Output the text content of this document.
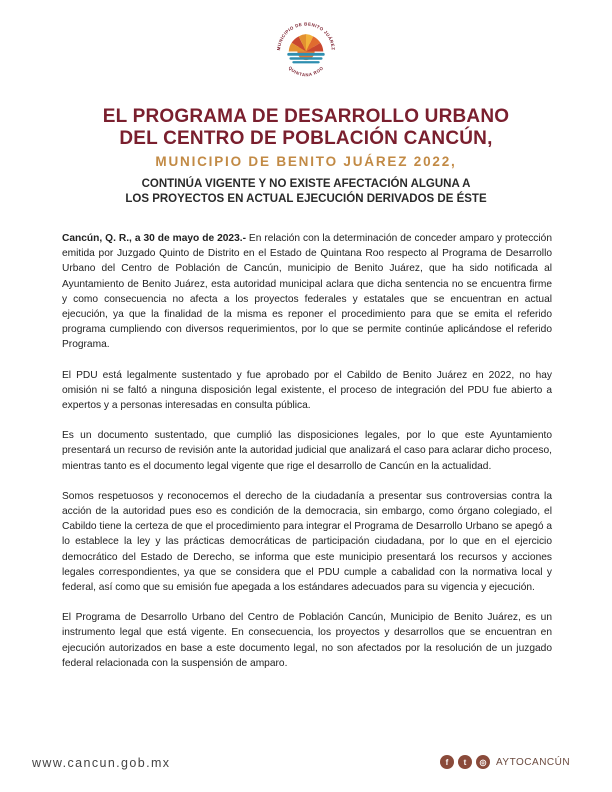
MUNICIPIO DE BENITO JUÁREZ
QUINTANA ROO
EL PROGRAMA DE DESARROLLO URBANO
DEL CENTRO DE POBLACIÓN CANCÚN,
MUNICIPIO DE BENITO JUÁREZ 2022,
CONTINÚA VIGENTE Y NO EXISTE AFECTACIÓN ALGUNA A
LOS PROYECTOS EN ACTUAL EJECUCIÓN DERIVADOS DE ÉSTE

Cancún, Q. R., a 30 de mayo de 2023.- En relación con la determinación de conceder amparo y protección emitida por Juzgado Quinto de Distrito en el Estado de Quintana Roo respecto al Programa de Desarrollo Urbano del Centro de Población de Cancún, municipio de Benito Juárez, que ha sido notificada al Ayuntamiento de Benito Juárez, esta autoridad municipal aclara que dicha sentencia no se encuentra firme y como consecuencia no afecta a los proyectos federales y estatales que se encuentran en actual ejecución, ya que la finalidad de la misma es reponer el procedimiento para que se emita el referido programa cumpliendo con diversos requerimientos, por lo que se permite continúe aplicándose el referido Programa.

El PDU está legalmente sustentado y fue aprobado por el Cabildo de Benito Juárez en 2022, no hay omisión ni se faltó a ninguna disposición legal existente, el proceso de integración del PDU fue abierto a expertos y a personas interesadas en consulta pública.

Es un documento sustentado, que cumplió las disposiciones legales, por lo que este Ayuntamiento presentará un recurso de revisión ante la autoridad judicial que analizará el caso para aclarar dicho proceso, mientras tanto es el documento legal vigente que rige el desarrollo de Cancún en la actualidad.

Somos respetuosos y reconocemos el derecho de la ciudadanía a presentar sus controversias contra la acción de la autoridad pues eso es condición de la democracia, sin embargo, como órgano colegiado, el Cabildo tiene la certeza de que el procedimiento para integrar el Programa de Desarrollo Urbano se apegó a lo establece la ley y las prácticas democráticas de participación ciudadana, por lo que en el ejercicio democrático del Estado de Derecho, se informa que este municipio presentará los recursos y acciones legales correspondientes, ya que se considera que el PDU cumple a cabalidad con la normativa local y federal, así como que su emisión fue apegada a los estándares adecuados para su vigencia y ejecución.

El Programa de Desarrollo Urbano del Centro de Población Cancún, Municipio de Benito Juárez, es un instrumento legal que está vigente. En consecuencia, los proyectos y desarrollos que se encuentran en ejecución autorizados en base a este documento legal, no son afectados por la resolución de un juzgado federal relacionada con la suspensión de amparo.

www.cancun.gob.mx	f	t	◎ AYTOCANCÚN
